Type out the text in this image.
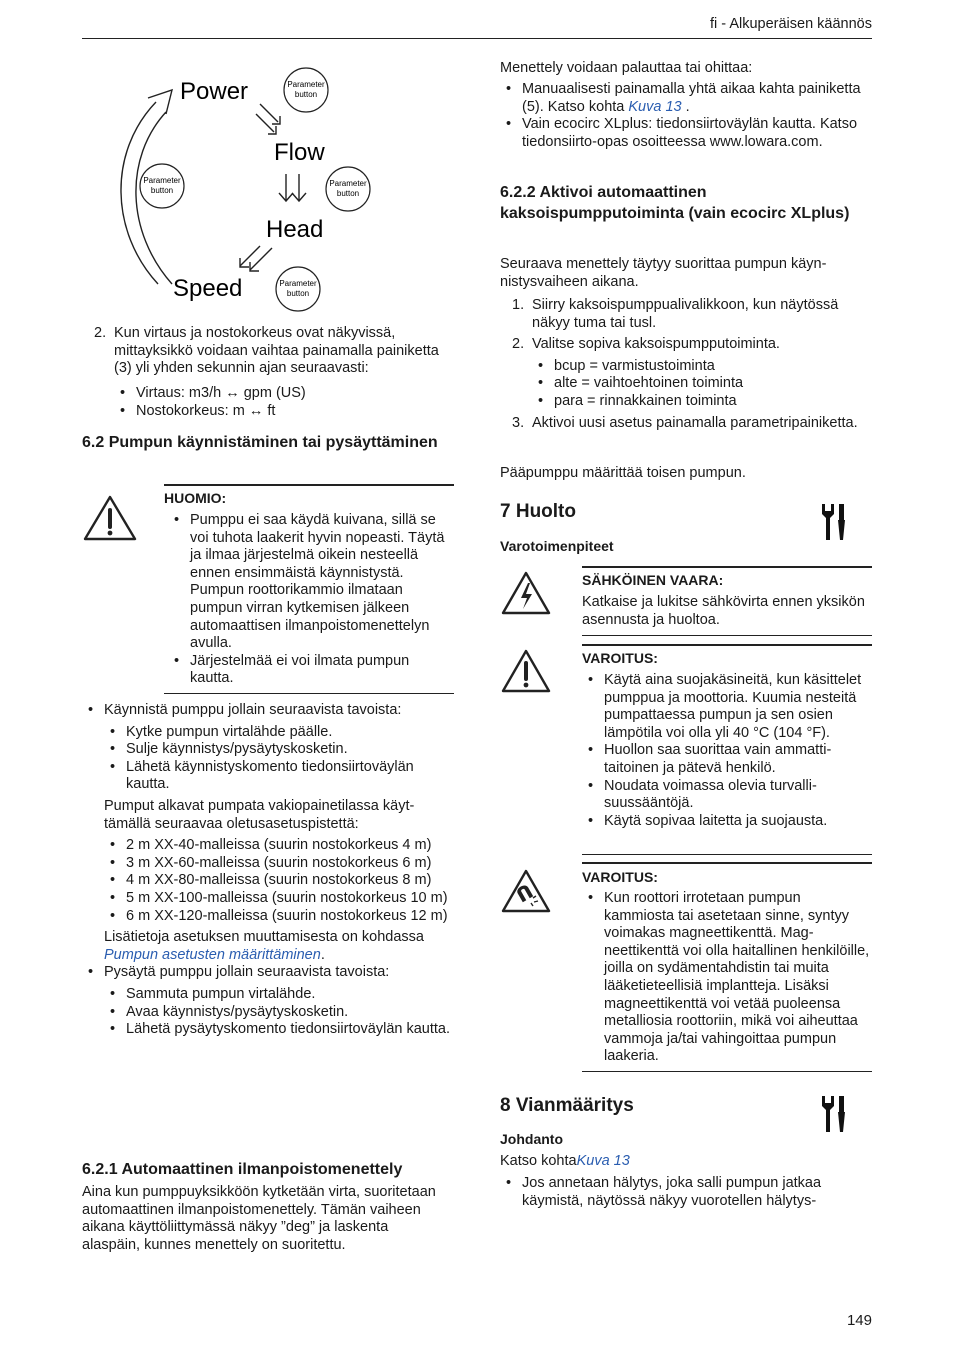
fi - Alkuperäisen käännös
Power
Flow
Head
Speed
Parameter
button
Parameter
button
Parameter
button
Parameter
button
2. Kun virtaus ja nostokorkeus ovat näkyvissä, mittayksikkö voidaan vaihtaa painamalla painiketta (3) yli yhden sekunnin ajan seuraavasti:
• Virtaus: m3/h ↔ gpm (US)
• Nostokorkeus: m ↔ ft
6.2 Pumpun käynnistäminen tai pysäyttäminen
HUOMIO:
• Pumppu ei saa käydä kuivana, sillä se voi tuhota laakerit hyvin nopeasti. Täytä ja ilmaa järjestelmä oikein nesteellä ennen ensimmäistä käynnistystä. Pumpun roottorikammio ilmataan pumpun virran kytkemisen jälkeen automaattisen ilmanpoistomenettelyn avulla.
• Järjestelmää ei voi ilmata pumpun kautta.
• Käynnistä pumppu jollain seuraavista tavoista:
• Kytke pumpun virtalähde päälle.
• Sulje käynnistys/pysäytyskosketin.
• Lähetä käynnistyskomento tiedonsiirtoväylän kautta.
Pumput alkavat pumpata vakiopainetilassa käyttämällä seuraavaa oletusasetuspistettä:
• 2 m XX-40-malleissa (suurin nostokorkeus 4 m)
• 3 m XX-60-malleissa (suurin nostokorkeus 6 m)
• 4 m XX-80-malleissa (suurin nostokorkeus 8 m)
• 5 m XX-100-malleissa (suurin nostokorkeus 10 m)
• 6 m XX-120-malleissa (suurin nostokorkeus 12 m)
Lisätietoja asetuksen muuttamisesta on kohdassa Pumpun asetusten määrittäminen.
• Pysäytä pumppu jollain seuraavista tavoista:
• Sammuta pumpun virtalähde.
• Avaa käynnistys/pysäytyskosketin.
• Lähetä pysäytyskomento tiedonsiirtoväylän kautta.
6.2.1 Automaattinen ilmanpoistomenettely
Aina kun pumppuyksikköön kytketään virta, suoritetaan automaattinen ilmanpoistomenettely. Tämän vaiheen aikana käyttöliittymässä näkyy ”deg” ja laskenta alaspäin, kunnes menettely on suoritettu.
Menettely voidaan palauttaa tai ohittaa:
• Manuaalisesti painamalla yhtä aikaa kahta painiketta (5). Katso kohta Kuva 13 .
• Vain ecocirc XLplus: tiedonsiirtoväylän kautta. Katso tiedonsiirto-opas osoitteessa www.lowara.com.
6.2.2 Aktivoi automaattinen kaksoispumpputoiminta (vain ecocirc XLplus)
Seuraava menettely täytyy suorittaa pumpun käynnistysvaiheen aikana.
1. Siirry kaksoispumppualivalikkoon, kun näytössä näkyy tuma tai tusl.
2. Valitse sopiva kaksoispumpputoiminta.
• bcup = varmistustoiminta
• alte = vaihtoehtoinen toiminta
• para = rinnakkainen toiminta
3. Aktivoi uusi asetus painamalla parametripainiketta.
Pääpumppu määrittää toisen pumpun.
7 Huolto
Varotoimenpiteet
SÄHKÖINEN VAARA:
Katkaise ja lukitse sähkövirta ennen yksikön asennusta ja huoltoa.
VAROITUS:
• Käytä aina suojakäsineitä, kun käsittelet pumppua ja moottoria. Kuumia nesteitä pumpattaessa pumpun ja sen osien lämpötila voi olla yli 40 °C (104 °F).
• Huollon saa suorittaa vain ammattitaitoinen ja pätevä henkilö.
• Noudata voimassa olevia turvallisuussääntöjä.
• Käytä sopivaa laitetta ja suojausta.
VAROITUS:
• Kun roottori irrotetaan pumpun kammiosta tai asetetaan sinne, syntyy voimakas magneettikenttä. Magneettikenttä voi olla haitallinen henkilöille, joilla on sydämentahdistin tai muita lääketieteellisiä implantteja. Lisäksi magneettikenttä voi vetää puoleensa metalliosia roottoriin, mikä voi aiheuttaa vammoja ja/tai vahingoittaa pumpun laakeria.
8 Vianmääritys
Johdanto
Katso kohtaKuva 13
• Jos annetaan hälytys, joka salli pumpun jatkaa käymistä, näytössä näkyy vuorotellen hälytys-
149
